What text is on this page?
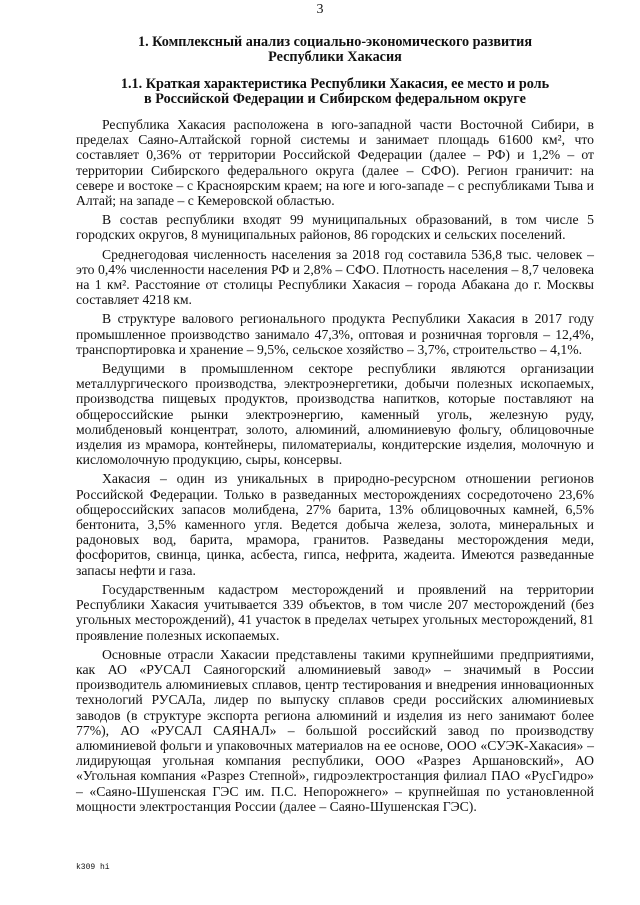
3
1. Комплексный анализ социально-экономического развития
Республики Хакасия
1.1. Краткая характеристика Республики Хакасия, ее место и роль
в Российской Федерации и Сибирском федеральном округе

Республика Хакасия расположена в юго-западной части Восточной Сибири, в пределах Саяно-Алтайской горной системы и занимает площадь 61600 км², что составляет 0,36% от территории Российской Федерации (далее – РФ) и 1,2% – от территории Сибирского федерального округа (далее – СФО). Регион граничит: на севере и востоке – с Красноярским краем; на юге и юго-западе – с республиками Тыва и Алтай; на западе – с Кемеровской областью.

В состав республики входят 99 муниципальных образований, в том числе 5 городских округов, 8 муниципальных районов, 86 городских и сельских поселений.

Среднегодовая численность населения за 2018 год составила 536,8 тыс. человек – это 0,4% численности населения РФ и 2,8% – СФО. Плотность населения – 8,7 человека на 1 км². Расстояние от столицы Республики Хакасия – города Абакана до г. Москвы составляет 4218 км.

В структуре валового регионального продукта Республики Хакасия в 2017 году промышленное производство занимало 47,3%, оптовая и розничная торговля – 12,4%, транспортировка и хранение – 9,5%, сельское хозяйство – 3,7%, строительство – 4,1%.

Ведущими в промышленном секторе республики являются организации металлургического производства, электроэнергетики, добычи полезных ископаемых, производства пищевых продуктов, производства напитков, которые поставляют на общероссийские рынки электроэнергию, каменный уголь, железную руду, молибденовый концентрат, золото, алюминий, алюминиевую фольгу, облицовочные изделия из мрамора, контейнеры, пиломатериалы, кондитерские изделия, молочную и кисломолочную продукцию, сыры, консервы.

Хакасия – один из уникальных в природно-ресурсном отношении регионов Российской Федерации. Только в разведанных месторождениях сосредоточено 23,6% общероссийских запасов молибдена, 27% барита, 13% облицовочных камней, 6,5% бентонита, 3,5% каменного угля. Ведется добыча железа, золота, минеральных и радоновых вод, барита, мрамора, гранитов. Разведаны месторождения меди, фосфоритов, свинца, цинка, асбеста, гипса, нефрита, жадеита. Имеются разведанные запасы нефти и газа.

Государственным кадастром месторождений и проявлений на территории Республики Хакасия учитывается 339 объектов, в том числе 207 месторождений (без угольных месторождений), 41 участок в пределах четырех угольных месторождений, 81 проявление полезных ископаемых.

Основные отрасли Хакасии представлены такими крупнейшими предприятиями, как АО «РУСАЛ Саяногорский алюминиевый завод» – значимый в России производитель алюминиевых сплавов, центр тестирования и внедрения инновационных технологий РУСАЛа, лидер по выпуску сплавов среди российских алюминиевых заводов (в структуре экспорта региона алюминий и изделия из него занимают более 77%), АО «РУСАЛ САЯНАЛ» – большой российский завод по производству алюминиевой фольги и упаковочных материалов на ее основе, ООО «СУЭК-Хакасия» – лидирующая угольная компания республики, ООО «Разрез Аршановский», АО «Угольная компания «Разрез Степной», гидроэлектростанция филиал ПАО «РусГидро» – «Саяно-Шушенская ГЭС им. П.С. Непорожнего» – крупнейшая по установленной мощности электростанция России (далее – Саяно-Шушенская ГЭС).

k309 hi
